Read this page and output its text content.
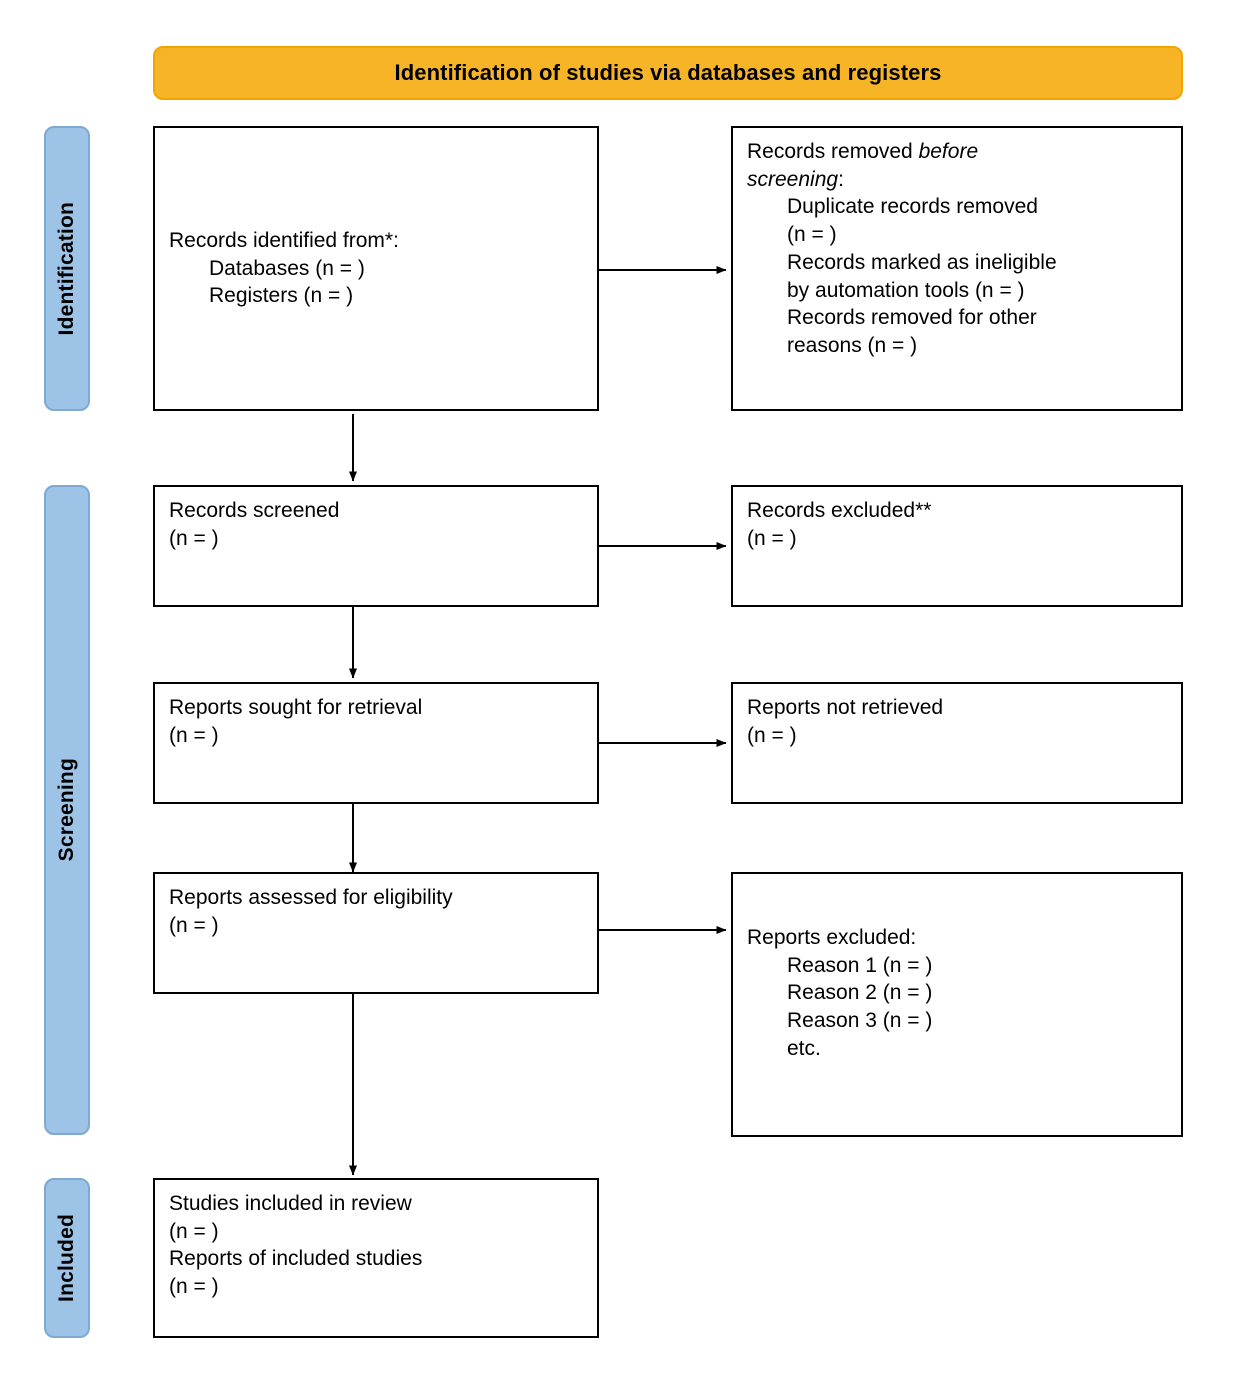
Identification of studies via databases and registers
Identification
Screening
Included
Records identified from*:
Databases (n = )
Registers (n = )
Records removed before
screening:
Duplicate records removed
(n = )
Records marked as ineligible
by automation tools (n = )
Records removed for other
reasons (n = )
Records screened
(n = )
Records excluded**
(n = )
Reports sought for retrieval
(n = )
Reports not retrieved
(n = )
Reports assessed for eligibility
(n = )
Reports excluded:
Reason 1 (n = )
Reason 2 (n = )
Reason 3 (n = )
etc.
Studies included in review
(n = )
Reports of included studies
(n = )
